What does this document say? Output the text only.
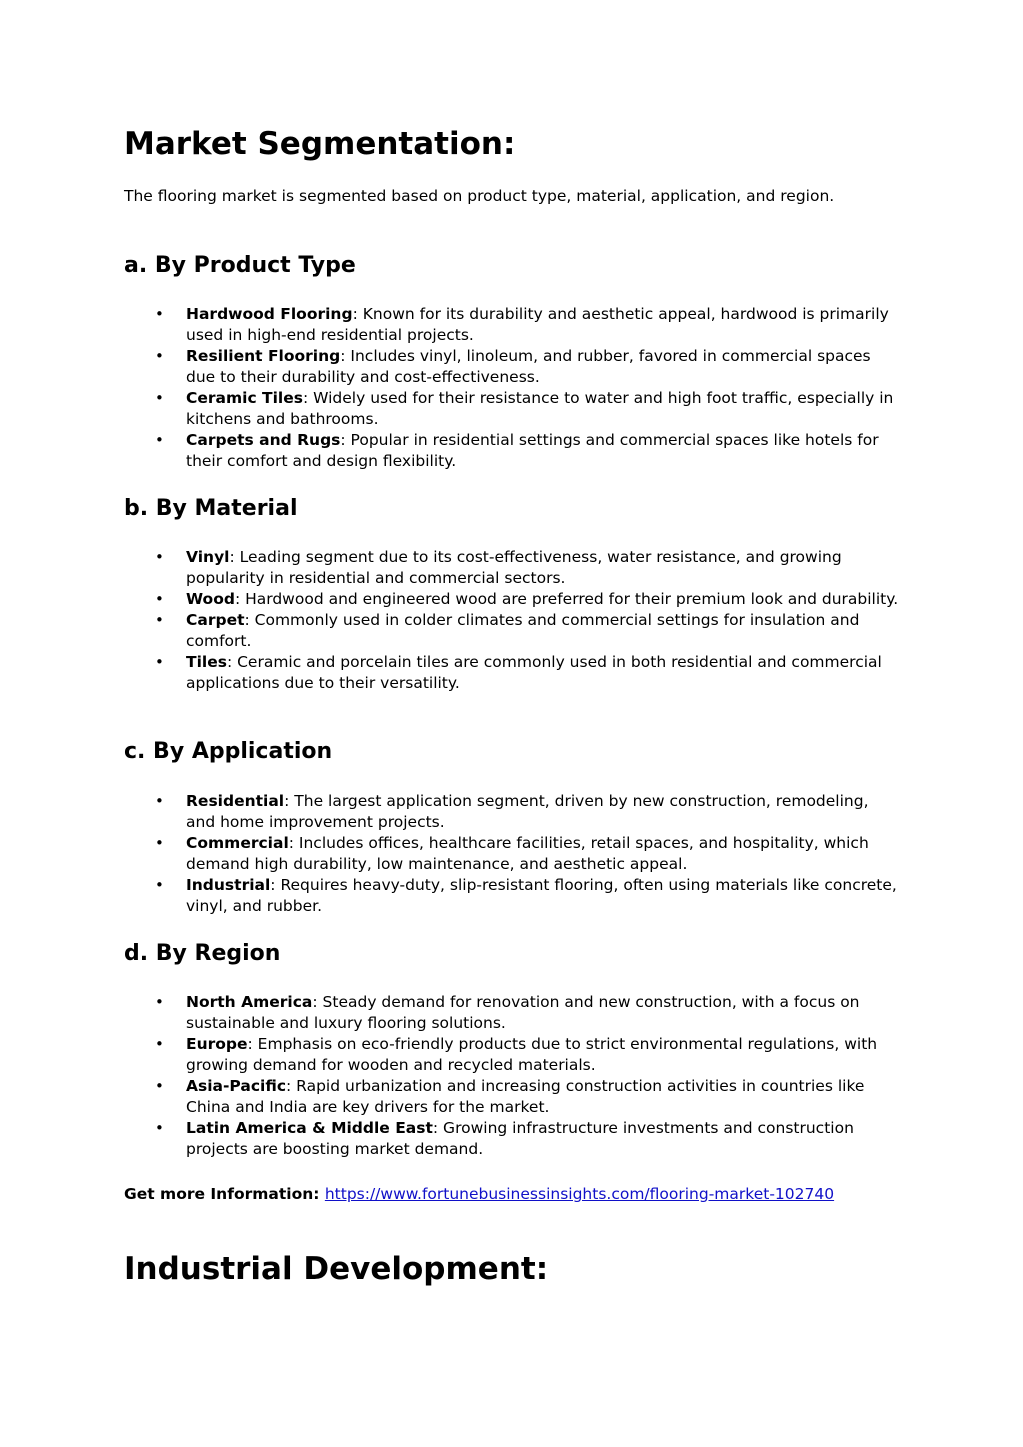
Market Segmentation:

The flooring market is segmented based on product type, material, application, and region.

a. By Product Type
• Hardwood Flooring: Known for its durability and aesthetic appeal, hardwood is primarily used in high-end residential projects.
• Resilient Flooring: Includes vinyl, linoleum, and rubber, favored in commercial spaces due to their durability and cost-effectiveness.
• Ceramic Tiles: Widely used for their resistance to water and high foot traffic, especially in kitchens and bathrooms.
• Carpets and Rugs: Popular in residential settings and commercial spaces like hotels for their comfort and design flexibility.
b. By Material
• Vinyl: Leading segment due to its cost-effectiveness, water resistance, and growing popularity in residential and commercial sectors.
• Wood: Hardwood and engineered wood are preferred for their premium look and durability.
• Carpet: Commonly used in colder climates and commercial settings for insulation and comfort.
• Tiles: Ceramic and porcelain tiles are commonly used in both residential and commercial applications due to their versatility.
c. By Application
• Residential: The largest application segment, driven by new construction, remodeling, and home improvement projects.
• Commercial: Includes offices, healthcare facilities, retail spaces, and hospitality, which demand high durability, low maintenance, and aesthetic appeal.
• Industrial: Requires heavy-duty, slip-resistant flooring, often using materials like concrete, vinyl, and rubber.
d. By Region
• North America: Steady demand for renovation and new construction, with a focus on sustainable and luxury flooring solutions.
• Europe: Emphasis on eco-friendly products due to strict environmental regulations, with growing demand for wooden and recycled materials.
• Asia-Pacific: Rapid urbanization and increasing construction activities in countries like China and India are key drivers for the market.
• Latin America & Middle East: Growing infrastructure investments and construction projects are boosting market demand.

Get more Information: https://www.fortunebusinessinsights.com/flooring-market-102740

Industrial Development:
